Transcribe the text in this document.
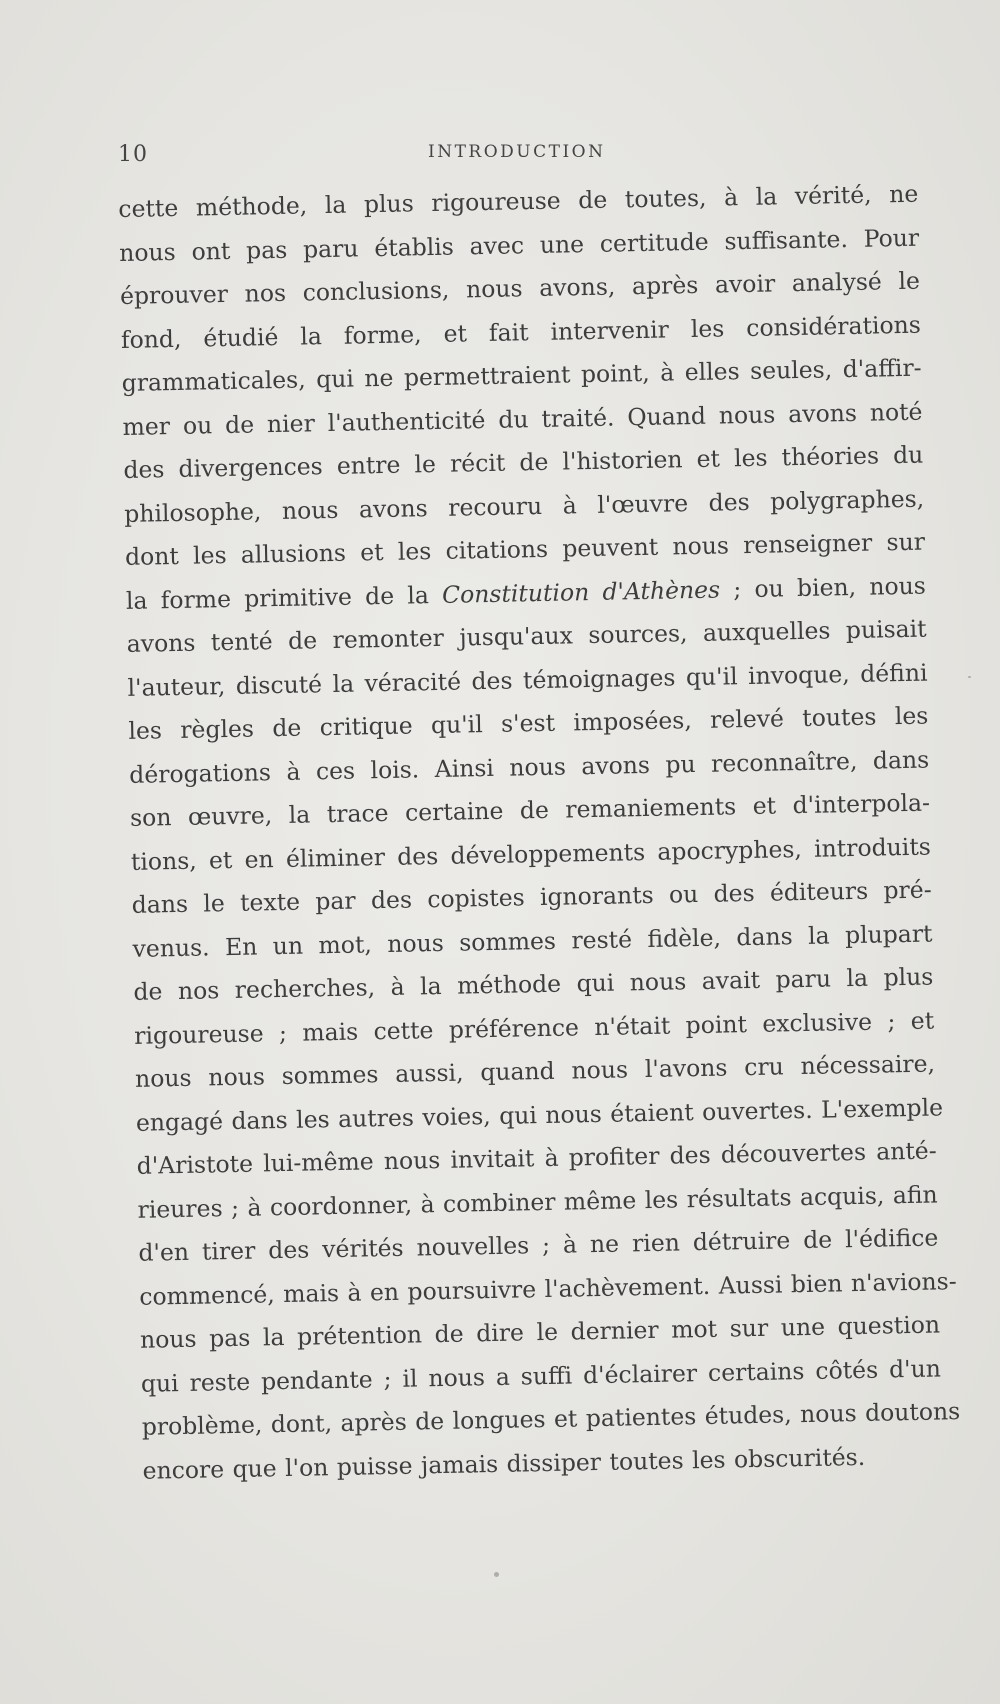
10	INTRODUCTION
cette méthode, la plus rigoureuse de toutes, à la vérité, ne
nous ont pas paru établis avec une certitude suffisante. Pour
éprouver nos conclusions, nous avons, après avoir analysé le
fond, étudié la forme, et fait intervenir les considérations
grammaticales, qui ne permettraient point, à elles seules, d'affir-
mer ou de nier l'authenticité du traité. Quand nous avons noté
des divergences entre le récit de l'historien et les théories du
philosophe, nous avons recouru à l'œuvre des polygraphes,
dont les allusions et les citations peuvent nous renseigner sur
la forme primitive de la Constitution d'Athènes ; ou bien, nous
avons tenté de remonter jusqu'aux sources, auxquelles puisait
l'auteur, discuté la véracité des témoignages qu'il invoque, défini
les règles de critique qu'il s'est imposées, relevé toutes les
dérogations à ces lois. Ainsi nous avons pu reconnaître, dans
son œuvre, la trace certaine de remaniements et d'interpola-
tions, et en éliminer des développements apocryphes, introduits
dans le texte par des copistes ignorants ou des éditeurs pré-
venus. En un mot, nous sommes resté fidèle, dans la plupart
de nos recherches, à la méthode qui nous avait paru la plus
rigoureuse ; mais cette préférence n'était point exclusive ; et
nous nous sommes aussi, quand nous l'avons cru nécessaire,
engagé dans les autres voies, qui nous étaient ouvertes. L'exemple
d'Aristote lui-même nous invitait à profiter des découvertes anté-
rieures ; à coordonner, à combiner même les résultats acquis, afin
d'en tirer des vérités nouvelles ; à ne rien détruire de l'édifice
commencé, mais à en poursuivre l'achèvement. Aussi bien n'avions-
nous pas la prétention de dire le dernier mot sur une question
qui reste pendante ; il nous a suffi d'éclairer certains côtés d'un
problème, dont, après de longues et patientes études, nous doutons
encore que l'on puisse jamais dissiper toutes les obscurités.
